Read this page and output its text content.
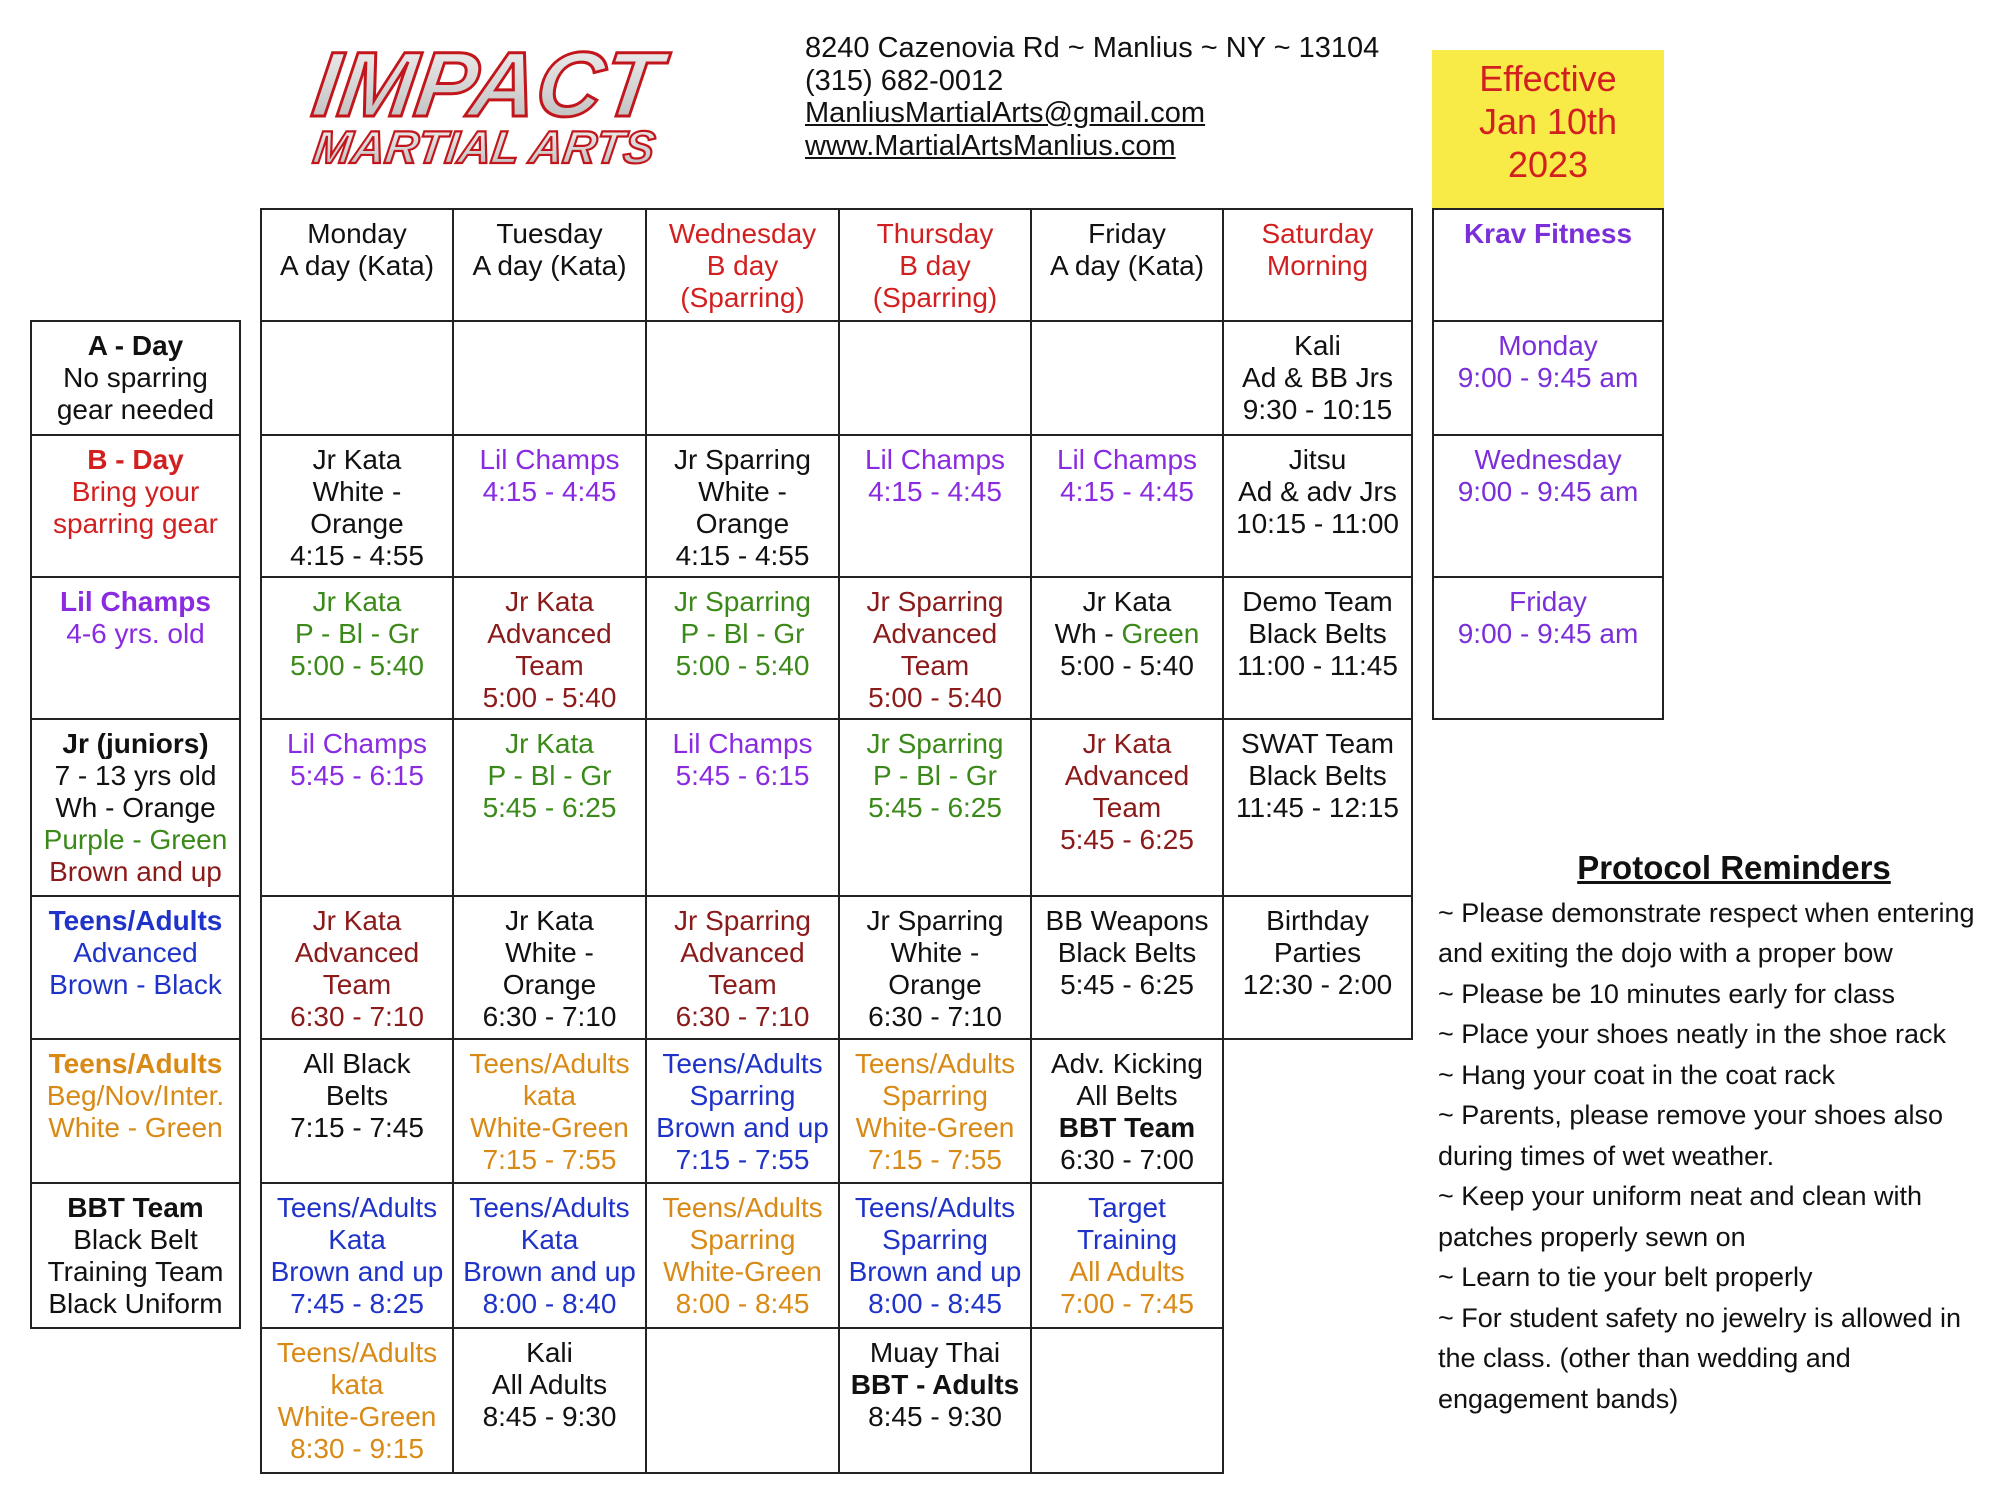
IMPACT
MARTIAL ARTS
8240 Cazenovia Rd ~ Manlius ~ NY ~ 13104
(315) 682-0012
ManliusMartialArts@gmail.com
www.MartialArtsManlius.com
Effective
Jan 10th
2023
Monday
A day (Kata)
Tuesday
A day (Kata)
Wednesday
B day
(Sparring)
Thursday
B day
(Sparring)
Friday
A day (Kata)
Saturday
Morning
A - Day
No sparring
gear needed
B - Day
Bring your
sparring gear
Lil Champs
4-6 yrs. old
Jr (juniors)
7 - 13 yrs old
Wh - Orange
Purple - Green
Brown and up
Teens/Adults
Advanced
Brown - Black
Teens/Adults
Beg/Nov/Inter.
White - Green
BBT Team
Black Belt
Training Team
Black Uniform
Kali
Ad & BB Jrs
9:30 - 10:15
Jr Kata
White -
Orange
4:15 - 4:55
Lil Champs
4:15 - 4:45
Jr Sparring
White -
Orange
4:15 - 4:55
Lil Champs
4:15 - 4:45
Lil Champs
4:15 - 4:45
Jitsu
Ad & adv Jrs
10:15 - 11:00
Jr Kata
P - Bl - Gr
5:00 - 5:40
Jr Kata
Advanced
Team
5:00 - 5:40
Jr Sparring
P - Bl - Gr
5:00 - 5:40
Jr Sparring
Advanced
Team
5:00 - 5:40
Jr Kata
Wh - Green
5:00 - 5:40
Demo Team
Black Belts
11:00 - 11:45
Lil Champs
5:45 - 6:15
Jr Kata
P - Bl - Gr
5:45 - 6:25
Lil Champs
5:45 - 6:15
Jr Sparring
P - Bl - Gr
5:45 - 6:25
Jr Kata
Advanced
Team
5:45 - 6:25
SWAT Team
Black Belts
11:45 - 12:15
Jr Kata
Advanced
Team
6:30 - 7:10
Jr Kata
White -
Orange
6:30 - 7:10
Jr Sparring
Advanced
Team
6:30 - 7:10
Jr Sparring
White -
Orange
6:30 - 7:10
BB Weapons
Black Belts
5:45 - 6:25
Birthday
Parties
12:30 - 2:00
All Black
Belts
7:15 - 7:45
Teens/Adults
kata
White-Green
7:15 - 7:55
Teens/Adults
Sparring
Brown and up
7:15 - 7:55
Teens/Adults
Sparring
White-Green
7:15 - 7:55
Adv. Kicking
All Belts
BBT Team
6:30 - 7:00
Teens/Adults
Kata
Brown and up
7:45 - 8:25
Teens/Adults
Kata
Brown and up
8:00 - 8:40
Teens/Adults
Sparring
White-Green
8:00 - 8:45
Teens/Adults
Sparring
Brown and up
8:00 - 8:45
Target
Training
All Adults
7:00 - 7:45
Teens/Adults
kata
White-Green
8:30 - 9:15
Kali
All Adults
8:45 - 9:30
Muay Thai
BBT - Adults
8:45 - 9:30
Krav Fitness
Monday
9:00 - 9:45 am
Wednesday
9:00 - 9:45 am
Friday
9:00 - 9:45 am
Protocol Reminders
~ Please demonstrate respect when entering and exiting the dojo with a proper bow
~ Please be 10 minutes early for class
~ Place your shoes neatly in the shoe rack
~ Hang your coat in the coat rack
~ Parents, please remove your shoes also during times of wet weather.
~ Keep your uniform neat and clean with patches properly sewn on
~ Learn to tie your belt properly
~ For student safety no jewelry is allowed in the class. (other than wedding and engagement bands)
